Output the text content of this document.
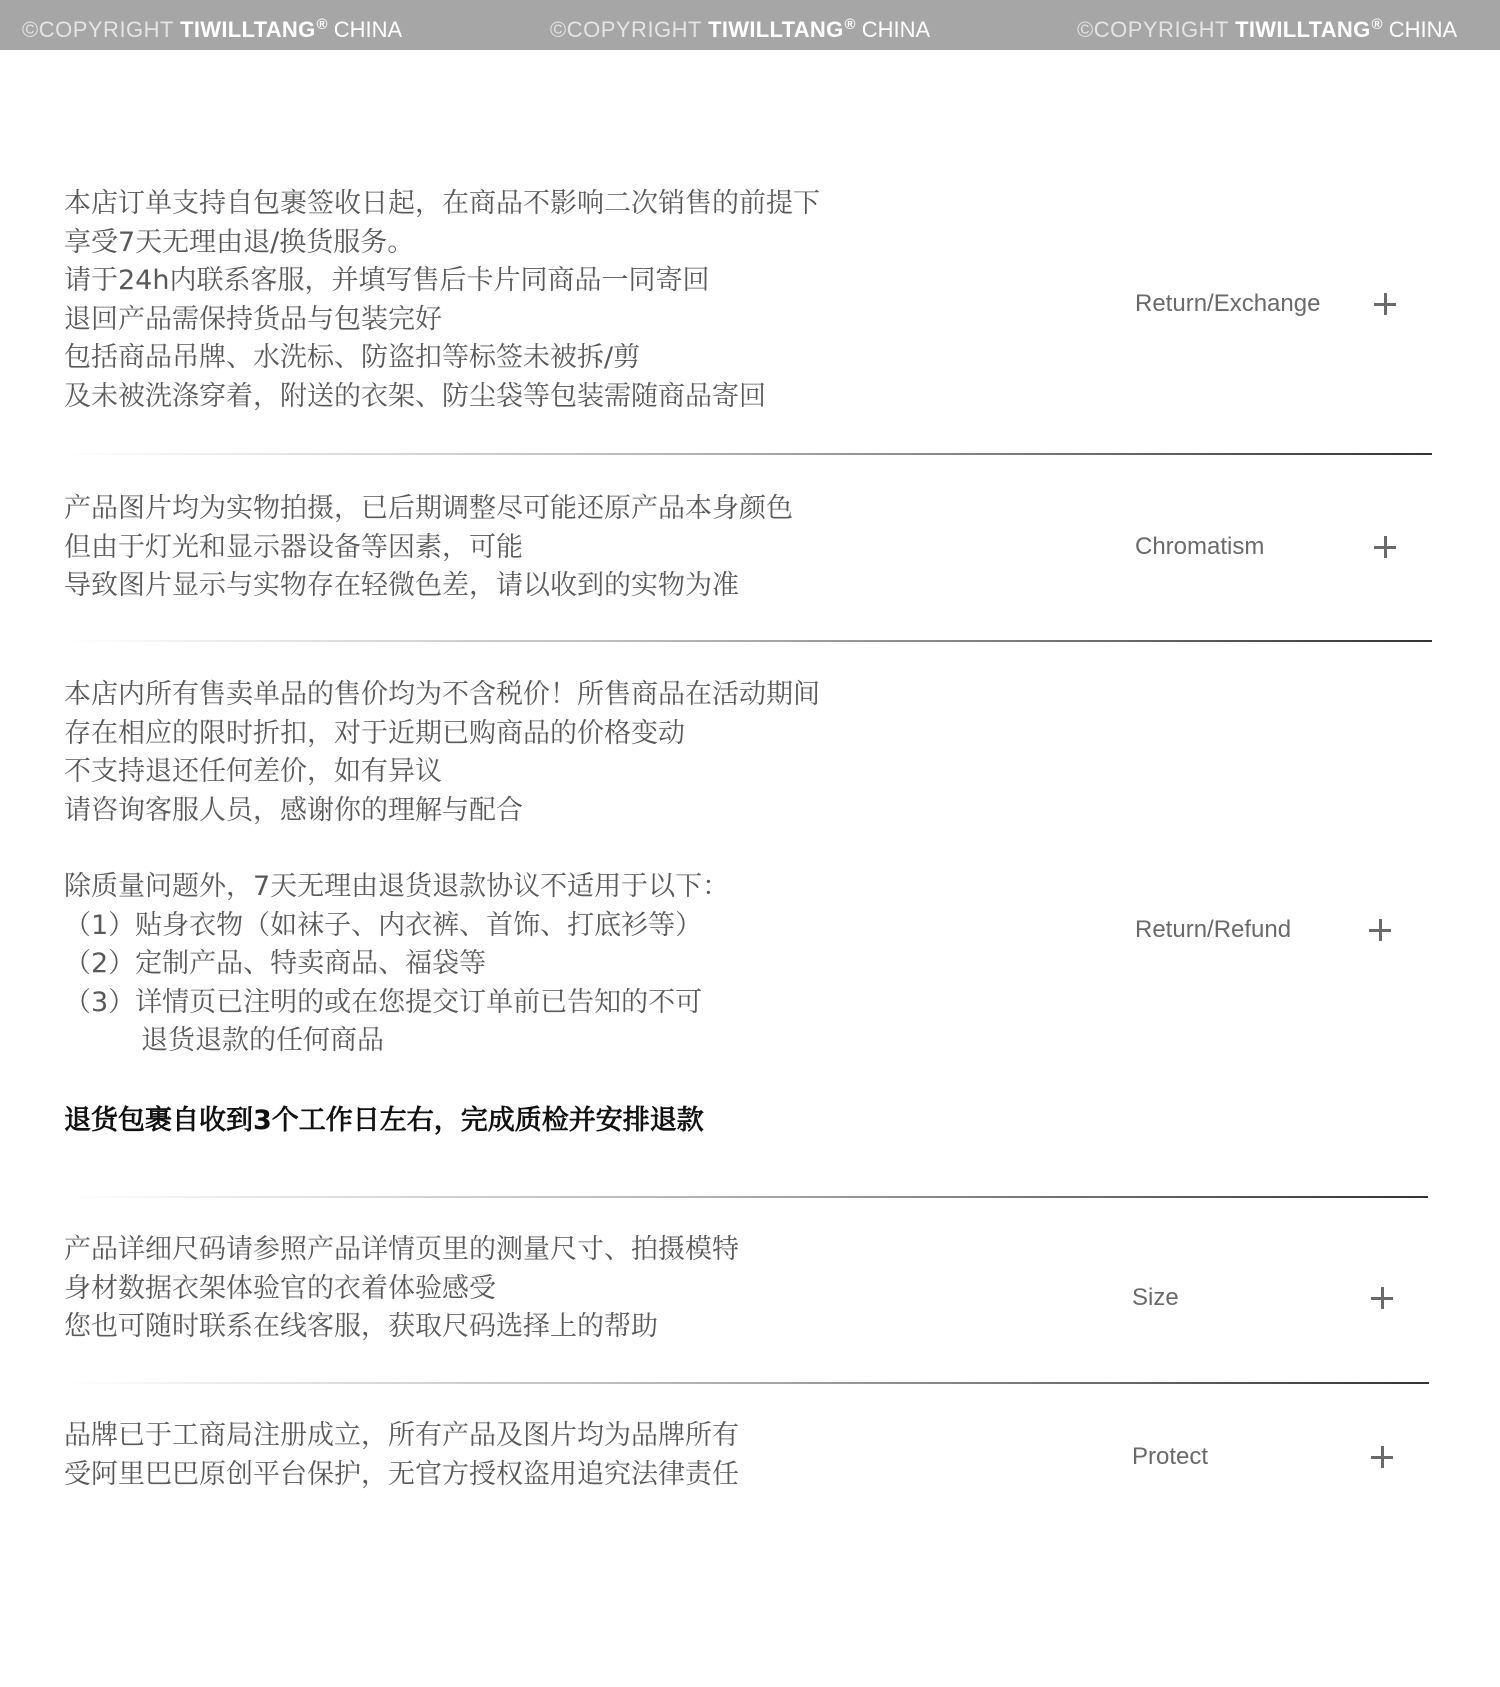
©COPYRIGHT TIWILLTANG® CHINA	©COPYRIGHT TIWILLTANG® CHINA	©COPYRIGHT TIWILLTANG® CHINA
本店订单支持自包裹签收日起，在商品不影响二次销售的前提下
享受7天无理由退/换货服务。
请于24h内联系客服，并填写售后卡片同商品一同寄回
退回产品需保持货品与包装完好
包括商品吊牌、水洗标、防盗扣等标签未被拆/剪
及未被洗涤穿着，附送的衣架、防尘袋等包装需随商品寄回
Return/Exchange
产品图片均为实物拍摄，已后期调整尽可能还原产品本身颜色
但由于灯光和显示器设备等因素，可能
导致图片显示与实物存在轻微色差，请以收到的实物为准
Chromatism
本店内所有售卖单品的售价均为不含税价！所售商品在活动期间
存在相应的限时折扣，对于近期已购商品的价格变动
不支持退还任何差价，如有异议
请咨询客服人员，感谢你的理解与配合
除质量问题外，7天无理由退货退款协议不适用于以下：
（1）贴身衣物（如袜子、内衣裤、首饰、打底衫等）
（2）定制产品、特卖商品、福袋等
（3）详情页已注明的或在您提交订单前已告知的不可
退货退款的任何商品
退货包裹自收到3个工作日左右，完成质检并安排退款
Return/Refund
产品详细尺码请参照产品详情页里的测量尺寸、拍摄模特
身材数据衣架体验官的衣着体验感受
您也可随时联系在线客服，获取尺码选择上的帮助
Size
品牌已于工商局注册成立，所有产品及图片均为品牌所有
受阿里巴巴原创平台保护，无官方授权盗用追究法律责任
Protect
